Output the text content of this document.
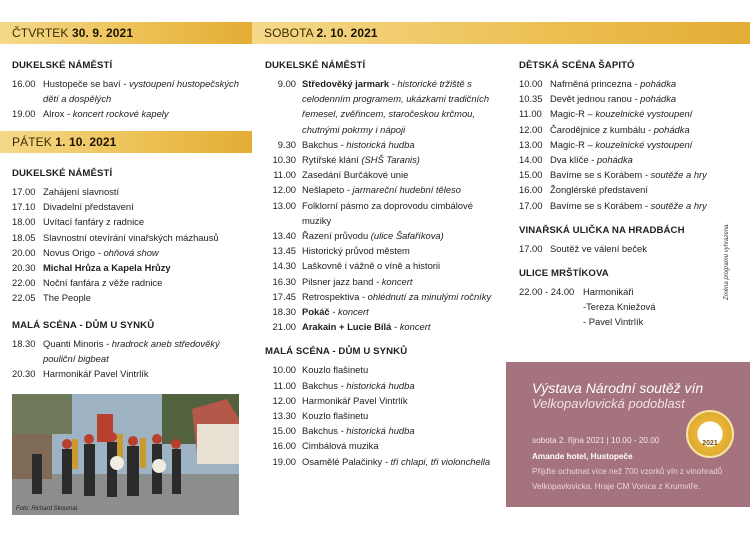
ČTVRTEK 30. 9. 2021	SOBOTA 2. 10. 2021
PÁTEK 1. 10. 2021
DUKELSKÉ NÁMĚSTÍ
16.00 Hustopeče se baví - vystoupení hustopečských dětí a dospělých
19.00 Alrox - koncert rockové kapely
DUKELSKÉ NÁMĚSTÍ
17.00 Zahájení slavností
17.10 Divadelní představení
18.00 Uvítací fanfáry z radnice
18.05 Slavnostní otevírání vinařských mázhausů
20.00 Novus Origo - ohňová show
20.30 Michal Hrůza a Kapela Hrůzy
22.00 Noční fanfára z věže radnice
22.05 The People
MALÁ SCÉNA - DŮM U SYNKŮ
18.30 Quanti Minoris - hradrock aneb středověký pouliční bigbeat
20.30 Harmonikář Pavel Vintrlík
Foto: Richard Skoumal
DUKELSKÉ NÁMĚSTÍ
9.00 Středověký jarmark - historické tržiště s celodenním programem, ukázkami tradičních řemesel, zvěřincem, staročeskou krčmou, chutnými pokrmy i nápoji
9.30 Bakchus - historická hudba
10.30 Rytířské klání (SHŠ Taranis)
11.00 Zasedání Burčákové unie
12.00 Nešlapeto - jarmareční hudební těleso
13.00 Folklorní pásmo za doprovodu cimbálové muziky
13.40 Řazení průvodu (ulice Šafaříkova)
13.45 Historický průvod městem
14.30 Laškovně i vážně o víně a historii
16.30 Pilsner jazz band - koncert
17.45 Retrospektiva - ohlédnutí za minulými ročníky
18.30 Pokáč - koncert
21.00 Arakain + Lucie Bílá - koncert
MALÁ SCÉNA - DŮM U SYNKŮ
10.00 Kouzlo flašinetu
11.00 Bakchus - historická hudba
12.00 Harmonikář Pavel Vintrlík
13.30 Kouzlo flašinetu
15.00 Bakchus - historická hudba
16.00 Cimbálová muzika
19.00 Osamělé Palačinky - tři chlapi, tři violonchella
DĚTSKÁ SCÉNA ŠAPITÓ
10.00 Nafrněná princezna - pohádka
10.35 Devět jednou ranou - pohádka
11.00 Magic-R – kouzelnické vystoupení
12.00 Čarodějnice z kumbálu - pohádka
13.00 Magic-R – kouzelnické vystoupení
14.00 Dva klíče - pohádka
15.00 Bavíme se s Korábem - soutěže a hry
16.00 Žonglérské představení
17.00 Bavíme se s Korábem - soutěže a hry
VINAŘSKÁ ULIČKA NA HRADBÁCH
17.00 Soutěž ve válení beček
ULICE MRŠTÍKOVA
22.00 - 24.00 Harmonikáři
-Tereza Kniežová
- Pavel Vintrlík
Změna programu vyhrazena.
Výstava Národní soutěž vín
Velkopavlovická podoblast
2021
sobota 2. října 2021 | 10.00 - 20.00
Amande hotel, Hustopeče
Přijďte ochutnat více než 700 vzorků vín z vinohradů
Velkopavlovicka. Hraje CM Vonica z Krumvíře.
